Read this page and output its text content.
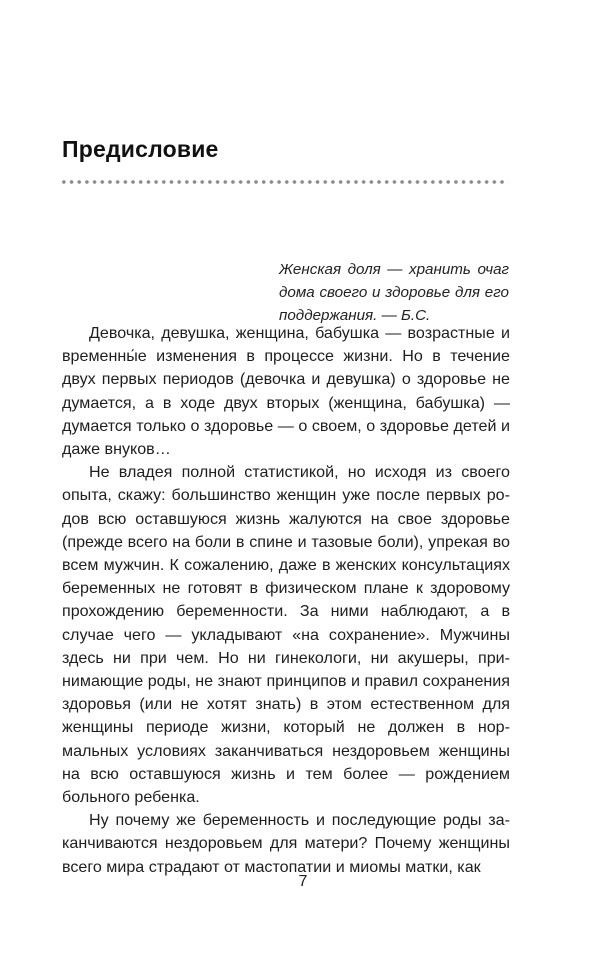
Предисловие

Женская доля — хранить очаг дома своего и здоровье для его поддержания. — Б.С.

Девочка, девушка, женщина, бабушка — возрастные и временны́е изменения в процессе жизни. Но в течение двух первых периодов (девочка и девушка) о здоровье не думается, а в ходе двух вторых (женщина, бабушка) — думается только о здоровье — о своем, о здоровье детей и даже внуков…

Не владея полной статистикой, но исходя из своего опыта, скажу: большинство женщин уже после первых родов всю оставшуюся жизнь жалуются на свое здоровье (прежде всего на боли в спине и тазовые боли), упрекая во всем мужчин. К сожалению, даже в женских консультациях беременных не готовят в физическом плане к здоровому прохождению беременности. За ними наблюдают, а в случае чего — укладывают «на сохранение». Мужчины здесь ни при чем. Но ни гинекологи, ни акушеры, принимающие роды, не знают принципов и правил сохранения здоровья (или не хотят знать) в этом естественном для женщины периоде жизни, который не должен в нормальных условиях заканчиваться нездоровьем женщины на всю оставшуюся жизнь и тем более — рождением больного ребенка.

Ну почему же беременность и последующие роды заканчиваются нездоровьем для матери? Почему женщины всего мира страдают от мастопатии и миомы матки, как

7
